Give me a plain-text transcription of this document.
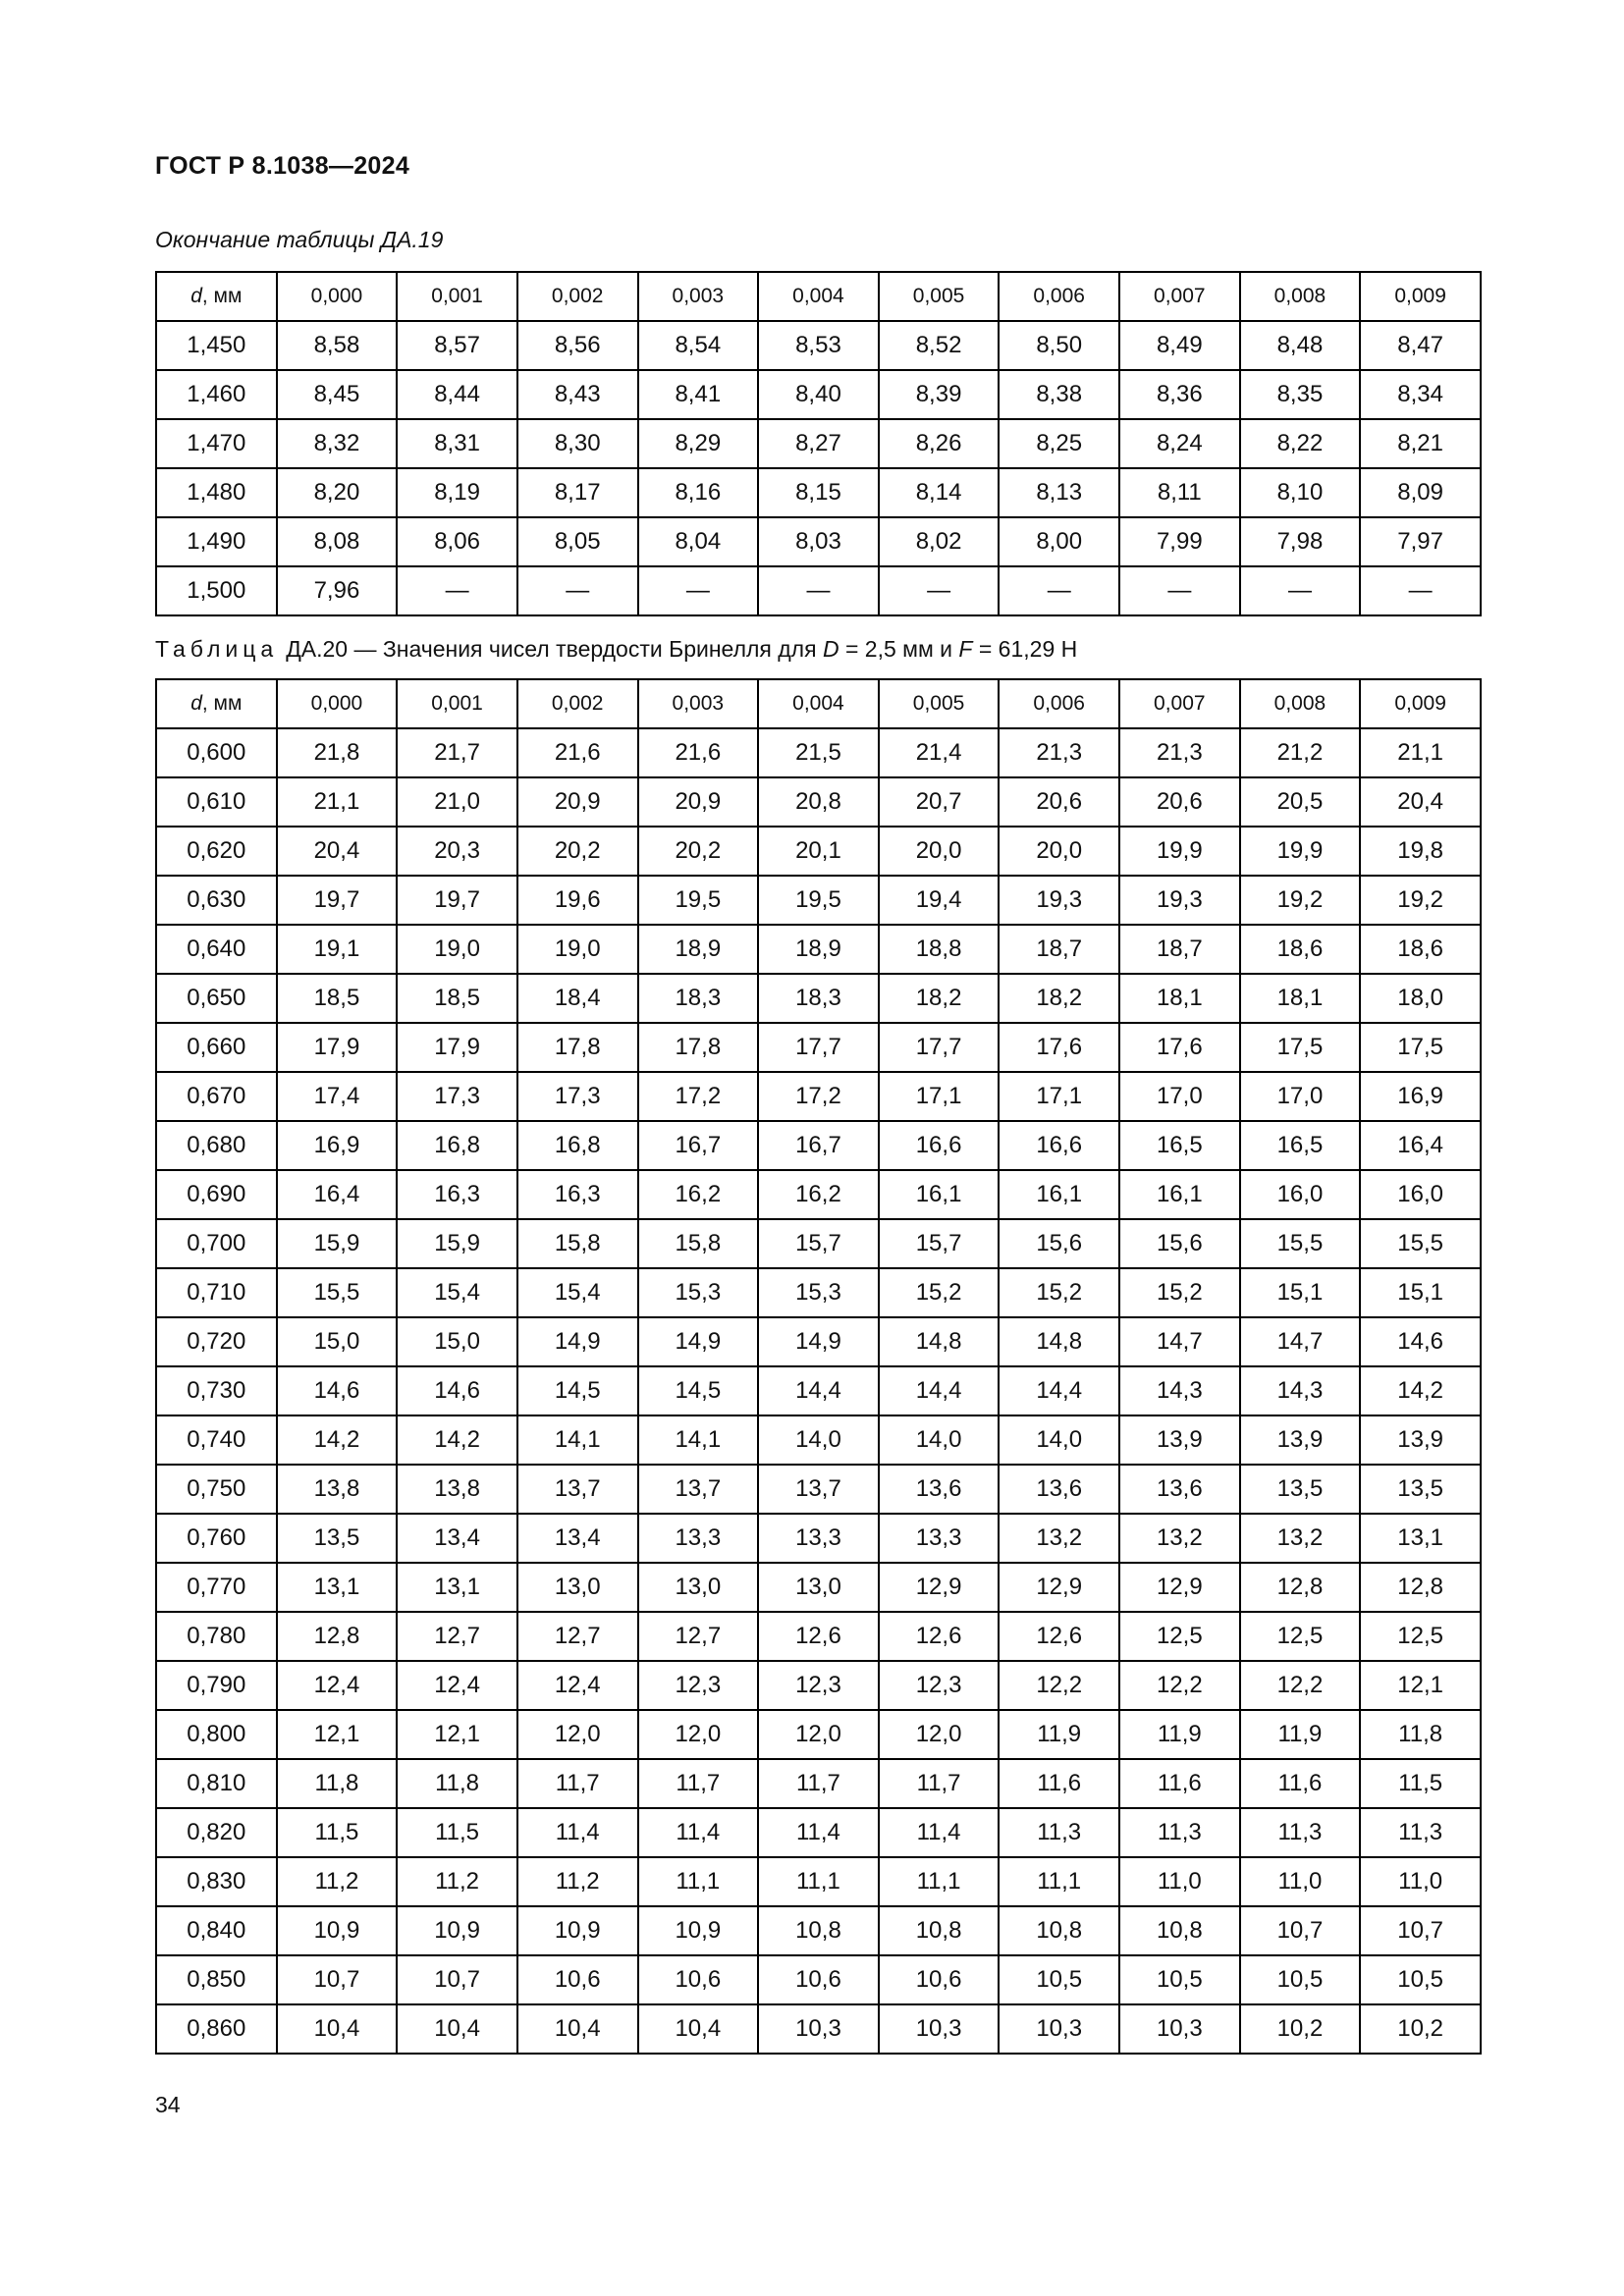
ГОСТ Р 8.1038—2024
Окончание таблицы ДА.19
d, мм	0,000	0,001	0,002	0,003	0,004	0,005	0,006	0,007	0,008	0,009
1,450	8,58	8,57	8,56	8,54	8,53	8,52	8,50	8,49	8,48	8,47
1,460	8,45	8,44	8,43	8,41	8,40	8,39	8,38	8,36	8,35	8,34
1,470	8,32	8,31	8,30	8,29	8,27	8,26	8,25	8,24	8,22	8,21
1,480	8,20	8,19	8,17	8,16	8,15	8,14	8,13	8,11	8,10	8,09
1,490	8,08	8,06	8,05	8,04	8,03	8,02	8,00	7,99	7,98	7,97
1,500	7,96	—	—	—	—	—	—	—	—	—
Таблица ДА.20 — Значения чисел твердости Бринелля для D = 2,5 мм и F = 61,29 Н
d, мм	0,000	0,001	0,002	0,003	0,004	0,005	0,006	0,007	0,008	0,009
0,600	21,8	21,7	21,6	21,6	21,5	21,4	21,3	21,3	21,2	21,1
0,610	21,1	21,0	20,9	20,9	20,8	20,7	20,6	20,6	20,5	20,4
0,620	20,4	20,3	20,2	20,2	20,1	20,0	20,0	19,9	19,9	19,8
0,630	19,7	19,7	19,6	19,5	19,5	19,4	19,3	19,3	19,2	19,2
0,640	19,1	19,0	19,0	18,9	18,9	18,8	18,7	18,7	18,6	18,6
0,650	18,5	18,5	18,4	18,3	18,3	18,2	18,2	18,1	18,1	18,0
0,660	17,9	17,9	17,8	17,8	17,7	17,7	17,6	17,6	17,5	17,5
0,670	17,4	17,3	17,3	17,2	17,2	17,1	17,1	17,0	17,0	16,9
0,680	16,9	16,8	16,8	16,7	16,7	16,6	16,6	16,5	16,5	16,4
0,690	16,4	16,3	16,3	16,2	16,2	16,1	16,1	16,1	16,0	16,0
0,700	15,9	15,9	15,8	15,8	15,7	15,7	15,6	15,6	15,5	15,5
0,710	15,5	15,4	15,4	15,3	15,3	15,2	15,2	15,2	15,1	15,1
0,720	15,0	15,0	14,9	14,9	14,9	14,8	14,8	14,7	14,7	14,6
0,730	14,6	14,6	14,5	14,5	14,4	14,4	14,4	14,3	14,3	14,2
0,740	14,2	14,2	14,1	14,1	14,0	14,0	14,0	13,9	13,9	13,9
0,750	13,8	13,8	13,7	13,7	13,7	13,6	13,6	13,6	13,5	13,5
0,760	13,5	13,4	13,4	13,3	13,3	13,3	13,2	13,2	13,2	13,1
0,770	13,1	13,1	13,0	13,0	13,0	12,9	12,9	12,9	12,8	12,8
0,780	12,8	12,7	12,7	12,7	12,6	12,6	12,6	12,5	12,5	12,5
0,790	12,4	12,4	12,4	12,3	12,3	12,3	12,2	12,2	12,2	12,1
0,800	12,1	12,1	12,0	12,0	12,0	12,0	11,9	11,9	11,9	11,8
0,810	11,8	11,8	11,7	11,7	11,7	11,7	11,6	11,6	11,6	11,5
0,820	11,5	11,5	11,4	11,4	11,4	11,4	11,3	11,3	11,3	11,3
0,830	11,2	11,2	11,2	11,1	11,1	11,1	11,1	11,0	11,0	11,0
0,840	10,9	10,9	10,9	10,9	10,8	10,8	10,8	10,8	10,7	10,7
0,850	10,7	10,7	10,6	10,6	10,6	10,6	10,5	10,5	10,5	10,5
0,860	10,4	10,4	10,4	10,4	10,3	10,3	10,3	10,3	10,2	10,2
34
